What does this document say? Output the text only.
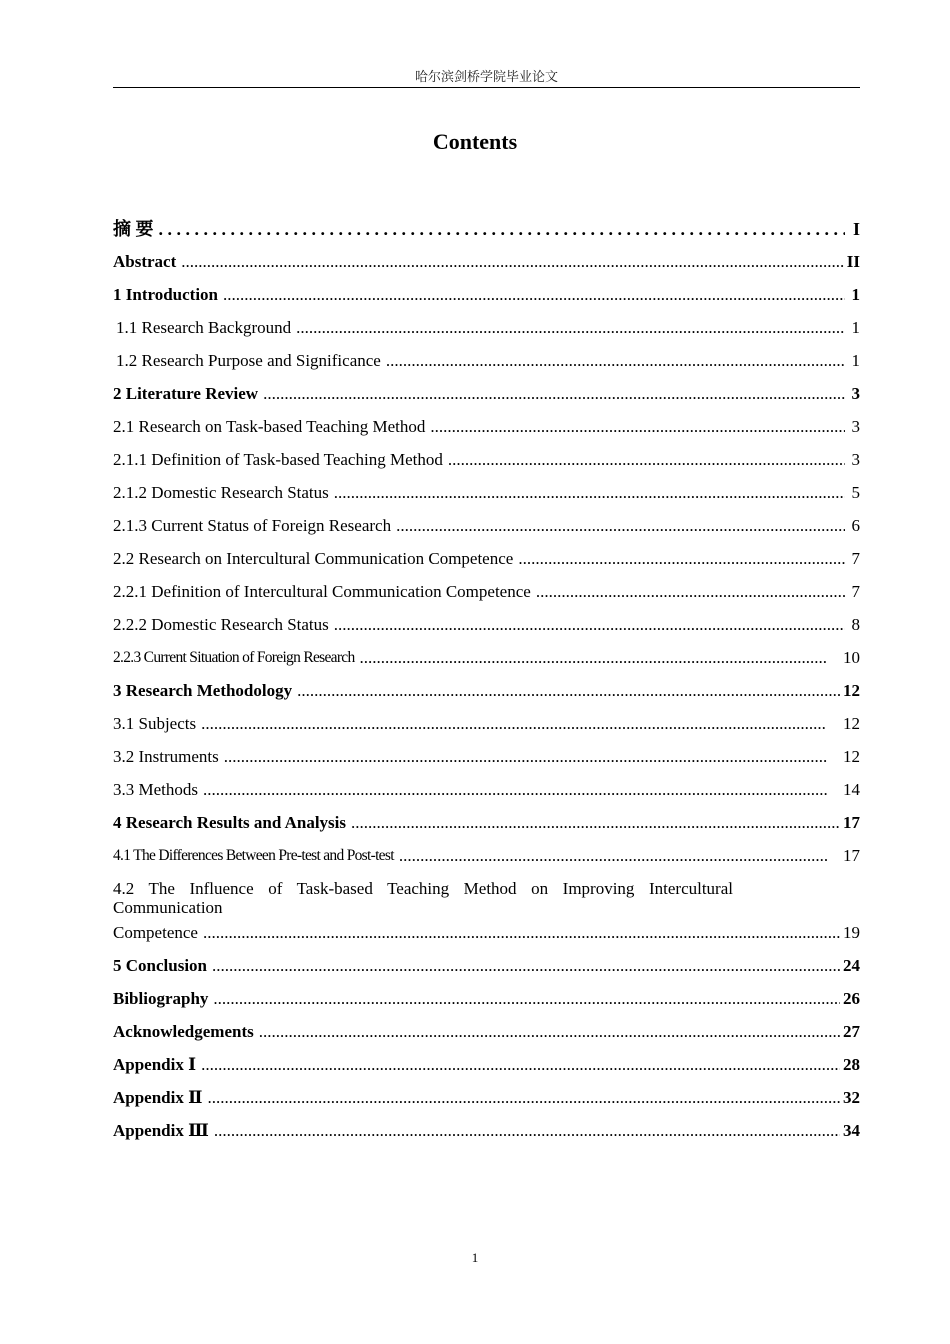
哈尔滨剑桥学院毕业论文
Contents
摘 要 . . .	I
Abstract .....	II
1 Introduction .....	1
1.1 Research Background .....	1
1.2 Research Purpose and Significance .....	1
2 Literature Review .....	3
2.1 Research on Task-based Teaching Method .....	3
2.1.1 Definition of Task-based Teaching Method .....	3
2.1.2 Domestic Research Status .....	5
2.1.3 Current Status of Foreign Research .....	6
2.2 Research on Intercultural Communication Competence .....	7
2.2.1 Definition of Intercultural Communication Competence .....	7
2.2.2 Domestic Research Status .....	8
2.2.3 Current Situation of Foreign Research .....	10
3 Research Methodology .....	12
3.1 Subjects .....	12
3.2 Instruments .....	12
3.3 Methods .....	14
4 Research Results and Analysis .....	17
4.1 The Differences Between Pre-test and Post-test .....	17
4.2 The Influence of Task-based Teaching Method on Improving Intercultural Communication
Competence .....	19
5 Conclusion .....	24
Bibliography .....	26
Acknowledgements .....	27
Appendix Ⅰ .....	28
Appendix Ⅱ .....	32
Appendix Ⅲ .....	34
1
